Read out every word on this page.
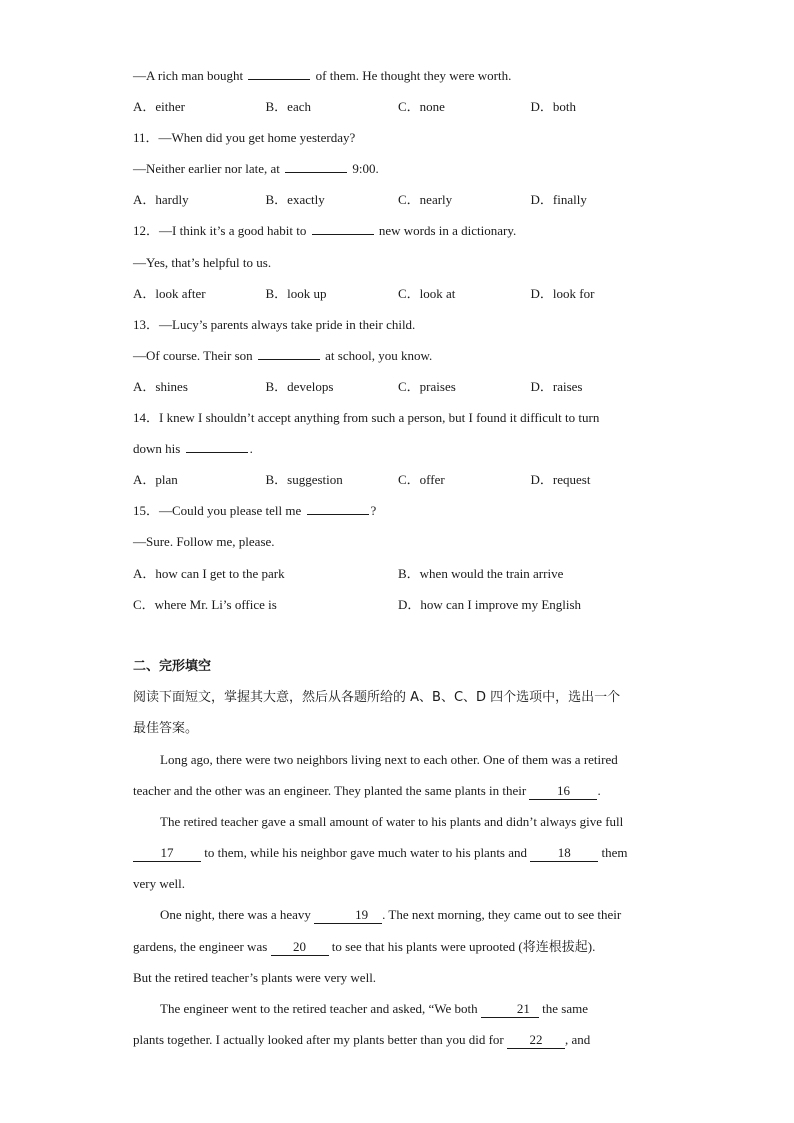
—A rich man bought	of them. He thought they were worth.
A．either	B．each	C．none	D．both
11．—When did you get home yesterday?
—Neither earlier nor late, at	9:00.
A．hardly	B．exactly	C．nearly	D．finally
12．—I think it’s a good habit to	new words in a dictionary.
—Yes, that’s helpful to us.
A．look after	B．look up	C．look at	D．look for
13．—Lucy’s parents always take pride in their child.
—Of course. Their son	at school, you know.
A．shines	B．develops	C．praises	D．raises
14．I knew I shouldn’t accept anything from such a person, but I found it difficult to turn
down his	.
A．plan	B．suggestion	C．offer	D．request
15．—Could you please tell me	?
—Sure. Follow me, please.
A．how can I get to the park	B．when would the train arrive
C．where Mr. Li’s office is	D．how can I improve my English
二、完形填空
阅读下面短文，掌握其大意，然后从各题所给的 A、B、C、D 四个选项中，选出一个
最佳答案。
Long ago, there were two neighbors living next to each other. One of them was a retired
teacher and the other was an engineer. They planted the same plants in their 16 .
The retired teacher gave a small amount of water to his plants and didn’t always give full
17 to them, while his neighbor gave much water to his plants and 18 them
very well.
One night, there was a heavy	19 . The next morning, they came out to see their
gardens, the engineer was 20 to see that his plants were uprooted (将连根拔起).
But the retired teacher’s plants were very well.
The engineer went to the retired teacher and asked, “We both	21 the same
plants together. I actually looked after my plants better than you did for 22 , and
